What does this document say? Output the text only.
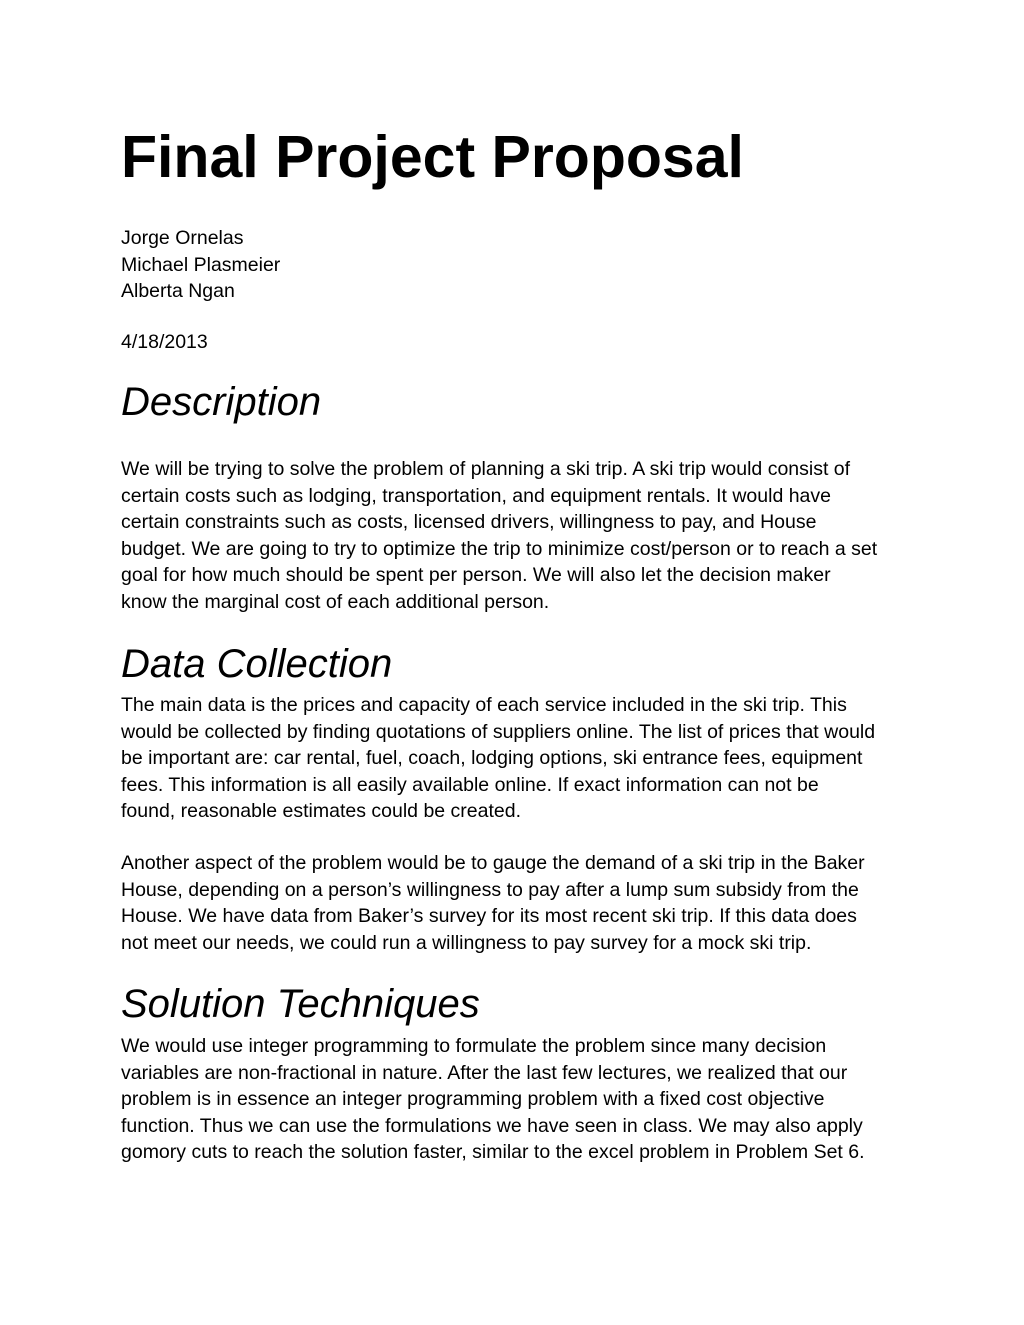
Final Project Proposal
Jorge Ornelas
Michael Plasmeier
Alberta Ngan
4/18/2013
Description

We will be trying to solve the problem of planning a ski trip. A ski trip would consist of
certain costs such as lodging, transportation, and equipment rentals. It would have
certain constraints such as costs, licensed drivers, willingness to pay, and House
budget. We are going to try to optimize the trip to minimize cost/person or to reach a set
goal for how much should be spent per person. We will also let the decision maker
know the marginal cost of each additional person.

Data Collection

The main data is the prices and capacity of each service included in the ski trip. This
would be collected by finding quotations of suppliers online. The list of prices that would
be important are: car rental, fuel, coach, lodging options, ski entrance fees, equipment
fees. This information is all easily available online. If exact information can not be
found, reasonable estimates could be created.

Another aspect of the problem would be to gauge the demand of a ski trip in the Baker
House, depending on a person’s willingness to pay after a lump sum subsidy from the
House. We have data from Baker’s survey for its most recent ski trip. If this data does
not meet our needs, we could run a willingness to pay survey for a mock ski trip.

Solution Techniques

We would use integer programming to formulate the problem since many decision
variables are non-fractional in nature. After the last few lectures, we realized that our
problem is in essence an integer programming problem with a fixed cost objective
function. Thus we can use the formulations we have seen in class. We may also apply
gomory cuts to reach the solution faster, similar to the excel problem in Problem Set 6.
